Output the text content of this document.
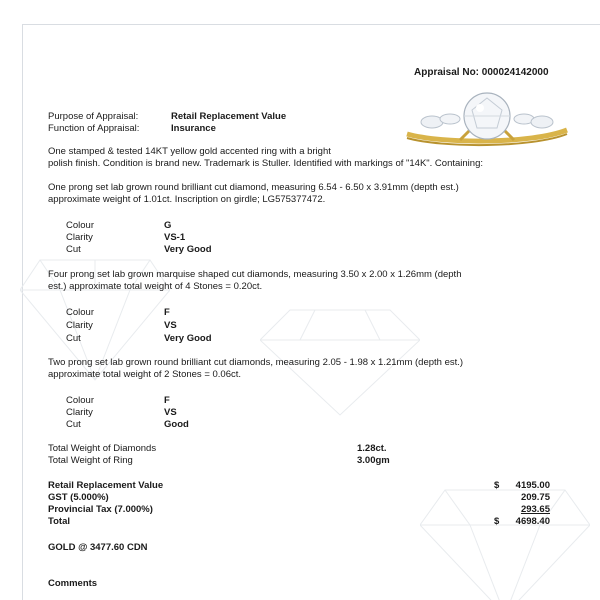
Appraisal No: 000024142000
Purpose of Appraisal:	Retail Replacement Value
Function of Appraisal:	Insurance
One stamped & tested 14KT yellow gold accented ring with a bright
polish finish. Condition is brand new. Trademark is Stuller. Identified with markings of "14K". Containing:
One prong set lab grown round brilliant cut diamond, measuring 6.54 - 6.50 x 3.91mm (depth est.)
approximate weight of 1.01ct. Inscription on girdle; LG575377472.
Colour	G
Clarity	VS-1
Cut	Very Good
Four prong set lab grown marquise shaped cut diamonds, measuring 3.50 x 2.00 x 1.26mm (depth
est.) approximate total weight of 4 Stones = 0.20ct.
Colour	F
Clarity	VS
Cut	Very Good
Two prong set lab grown round brilliant cut diamonds, measuring 2.05 - 1.98 x 1.21mm (depth est.)
approximate total weight of 2 Stones = 0.06ct.
Colour	F
Clarity	VS
Cut	Good
Total Weight of Diamonds	1.28ct.
Total Weight of Ring	3.00gm
Retail Replacement Value	$	4195.00
GST (5.000%)	209.75
Provincial Tax (7.000%)	293.65
Total	$	4698.40
GOLD @ 3477.60 CDN
Comments
